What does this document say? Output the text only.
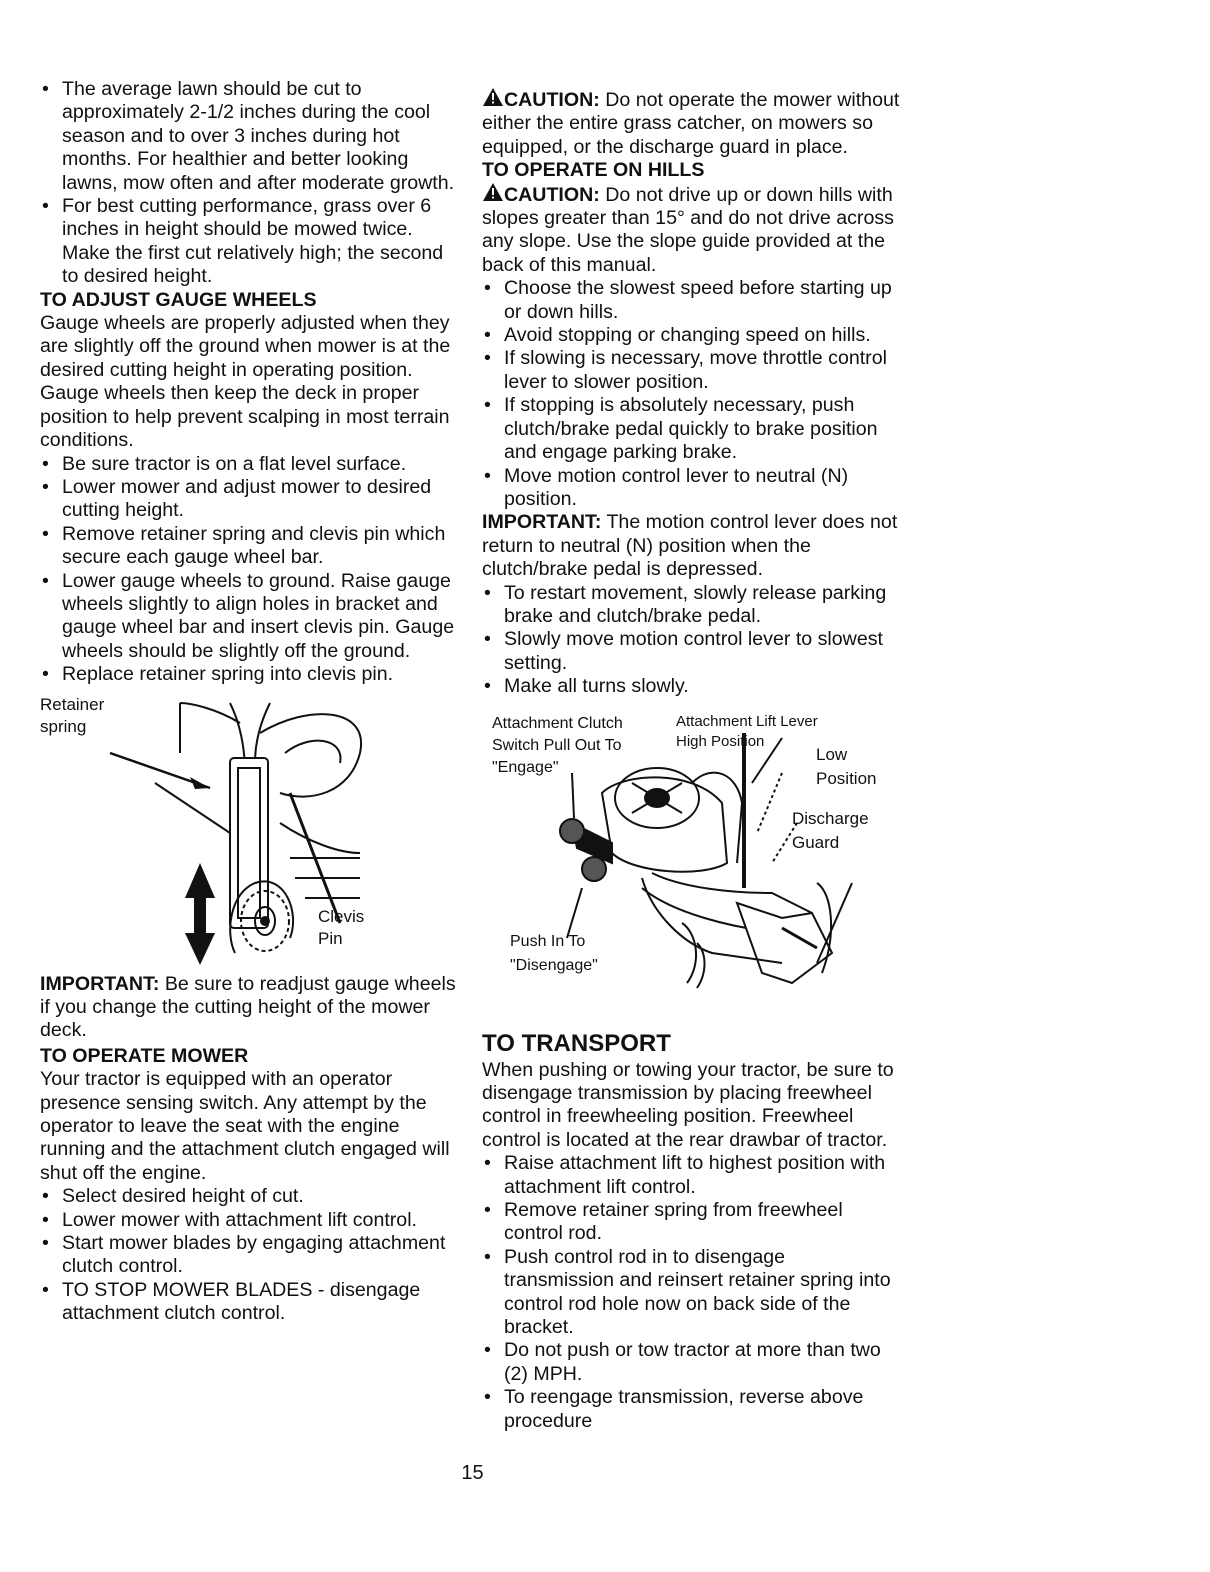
• The average lawn should be cut to approximately 2-1/2 inches during the cool season and to over 3 inches during hot months. For healthier and better looking lawns, mow often and after moderate growth.
• For best cutting performance, grass over 6 inches in height should be mowed twice. Make the first cut relatively high; the second to desired height.

TO ADJUST GAUGE WHEELS

Gauge wheels are properly adjusted when they are slightly off the ground when mower is at the desired cutting height in operating position. Gauge wheels then keep the deck in proper position to help prevent scalping in most terrain conditions.

• Be sure tractor is on a flat level surface.
• Lower mower and adjust mower to desired cutting height.
• Remove retainer spring and clevis pin which secure each gauge wheel bar.
• Lower gauge wheels to ground. Raise gauge wheels slightly to align holes in bracket and gauge wheel bar and insert clevis pin. Gauge wheels should be slightly off the ground.
• Replace retainer spring into clevis pin.
Retainer
spring
Clevis
Pin

IMPORTANT: Be sure to readjust gauge wheels if you change the cutting height of the mower deck.

TO OPERATE MOWER

Your tractor is equipped with an operator presence sensing switch. Any attempt by the operator to leave the seat with the engine running and the attachment clutch engaged will shut off the engine.

• Select desired height of cut.
• Lower mower with attachment lift control.
• Start mower blades by engaging attachment clutch control.
• TO STOP MOWER BLADES - disengage attachment clutch control.

CAUTION: Do not operate the mower without either the entire grass catcher, on mowers so equipped, or the discharge guard in place.

TO OPERATE ON HILLS

CAUTION: Do not drive up or down hills with slopes greater than 15° and do not drive across any slope. Use the slope guide provided at the back of this manual.

• Choose the slowest speed before starting up or down hills.
• Avoid stopping or changing speed on hills.
• If slowing is necessary, move throttle control lever to slower position.
• If stopping is absolutely necessary, push clutch/brake pedal quickly to brake position and engage parking brake.
• Move motion control lever to neutral (N) position.

IMPORTANT: The motion control lever does not return to neutral (N) position when the clutch/brake pedal is depressed.

• To restart movement, slowly release parking brake and clutch/brake pedal.
• Slowly move motion control lever to slowest setting.
• Make all turns slowly.
Attachment Clutch
Switch Pull Out To
"Engage"
Attachment Lift Lever
High Position
Low
Position
Discharge
Guard
Push In To
"Disengage"

TO TRANSPORT

When pushing or towing your tractor, be sure to disengage transmission by placing freewheel control in freewheeling position. Freewheel control is located at the rear drawbar of tractor.

• Raise attachment lift to highest position with attachment lift control.
• Remove retainer spring from freewheel control rod.
• Push control rod in to disengage transmission and reinsert retainer spring into control rod hole now on back side of the bracket.
• Do not push or tow tractor at more than two (2) MPH.
• To reengage transmission, reverse above procedure
15
